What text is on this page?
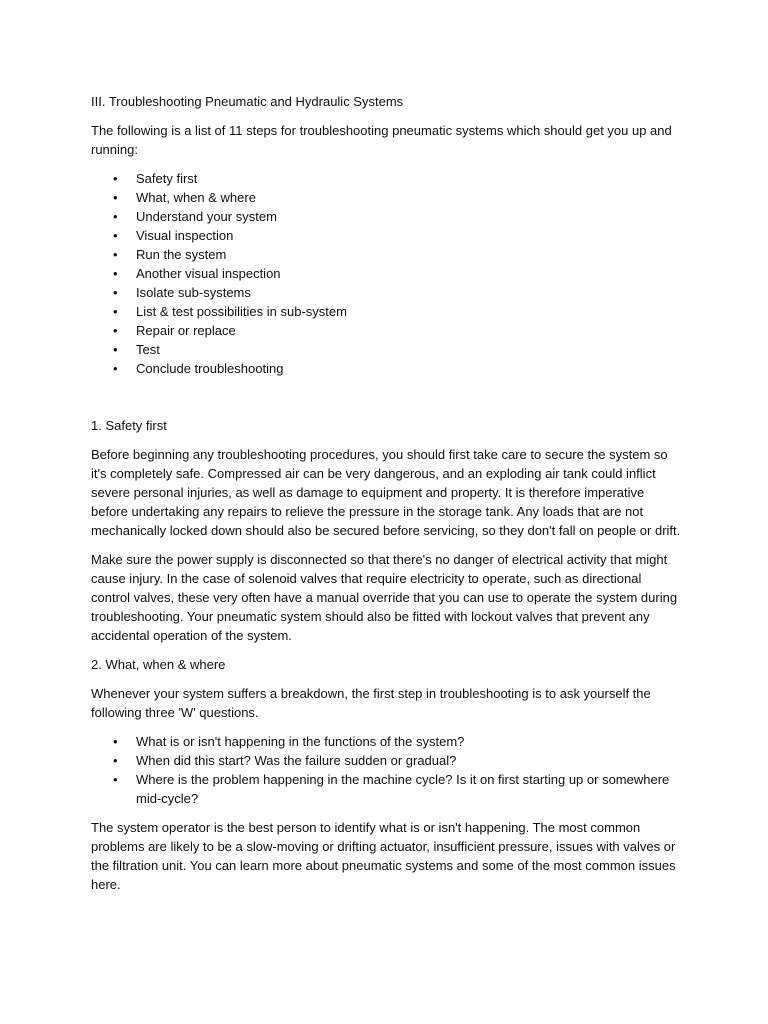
III. Troubleshooting Pneumatic and Hydraulic Systems

The following is a list of 11 steps for troubleshooting pneumatic systems which should get you up and running:

• Safety first
• What, when & where
• Understand your system
• Visual inspection
• Run the system
• Another visual inspection
• Isolate sub-systems
• List & test possibilities in sub-system
• Repair or replace
• Test
• Conclude troubleshooting

1. Safety first

Before beginning any troubleshooting procedures, you should first take care to secure the system so it's completely safe. Compressed air can be very dangerous, and an exploding air tank could inflict severe personal injuries, as well as damage to equipment and property. It is therefore imperative before undertaking any repairs to relieve the pressure in the storage tank. Any loads that are not mechanically locked down should also be secured before servicing, so they don't fall on people or drift.

Make sure the power supply is disconnected so that there's no danger of electrical activity that might cause injury. In the case of solenoid valves that require electricity to operate, such as directional control valves, these very often have a manual override that you can use to operate the system during troubleshooting. Your pneumatic system should also be fitted with lockout valves that prevent any accidental operation of the system.

2. What, when & where

Whenever your system suffers a breakdown, the first step in troubleshooting is to ask yourself the following three 'W' questions.

• What is or isn't happening in the functions of the system?
• When did this start? Was the failure sudden or gradual?
• Where is the problem happening in the machine cycle? Is it on first starting up or somewhere mid-cycle?

The system operator is the best person to identify what is or isn't happening. The most common problems are likely to be a slow-moving or drifting actuator, insufficient pressure, issues with valves or the filtration unit. You can learn more about pneumatic systems and some of the most common issues here.
